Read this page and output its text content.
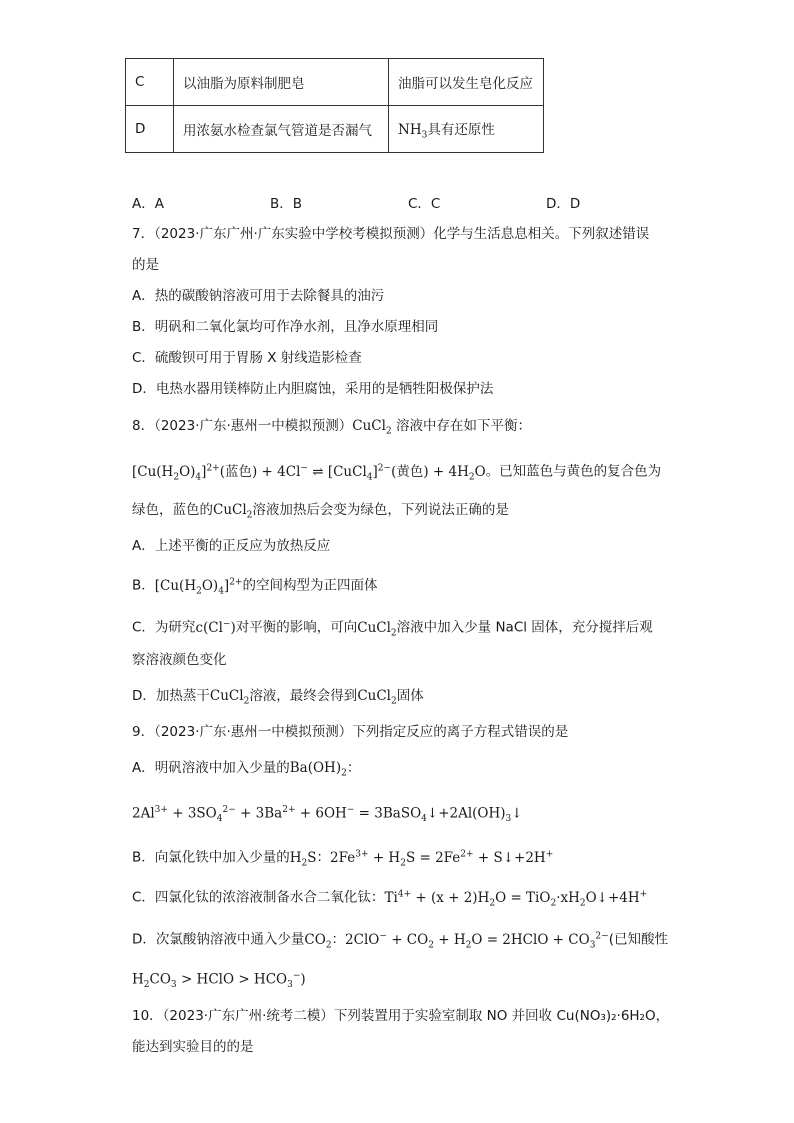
C	以油脂为原料制肥皂	油脂可以发生皂化反应
D	用浓氨水检查氯气管道是否漏气	$NH_3$具有还原性
A．A	B．B	C．C	D．D
7．（2023·广东广州·广东实验中学校考模拟预测）化学与生活息息相关。下列叙述错误
的是
A．热的碳酸钠溶液可用于去除餐具的油污
B．明矾和二氧化氯均可作净水剂，且净水原理相同
C．硫酸钡可用于胃肠 X 射线造影检查
D．电热水器用镁棒防止内胆腐蚀，采用的是牺牲阳极保护法
8．（2023·广东·惠州一中模拟预测）CuCl$_2$ 溶液中存在如下平衡：
$[Cu(H_2O)_4]^{2+}$(蓝色) + 4Cl− ⇌ [CuCl$_4$]$^{2-}$(黄色) + $4H_2O$。已知蓝色与黄色的复合色为
绿色，蓝色的CuCl$_2$溶液加热后会变为绿色，下列说法正确的是
A．上述平衡的正反应为放热反应
B．$[Cu(H_2O)_4]^{2+}$的空间构型为正四面体
C．为研究c(Cl−)对平衡的影响，可向CuCl$_2$溶液中加入少量 NaCl 固体，充分搅拌后观
察溶液颜色变化
D．加热蒸干CuCl$_2$溶液，最终会得到CuCl$_2$固体
9．（2023·广东·惠州一中模拟预测）下列指定反应的离子方程式错误的是
A．明矾溶液中加入少量的$Ba(OH)_2$：
$2Al^{3+} + 3SO_4^{2-} + 3Ba^{2+} + 6OH^-$ = $3BaSO_4↓+2Al(OH)_3↓$
B．向氯化铁中加入少量的$H_2S$：$2Fe^{3+} + H_2S = 2Fe^{2+}$ + S↓+2H+
C．四氯化钛的浓溶液制备水合二氧化钛：$Ti^{4+} + (x + 2)H_2O$ = $TiO_2\cdot xH_2O↓+4H^+$
D．次氯酸钠溶液中通入少量$CO_2$：$2ClO^- + CO_2 + H_2O$ = 2HClO + $CO_3^{2-}$(已知酸性
$H_2CO_3$ > HClO > $HCO_3^-$)
10．（2023·广东广州·统考二模）下列装置用于实验室制取 NO 并回收 Cu(NO₃)₂·6H₂O，
能达到实验目的的是
